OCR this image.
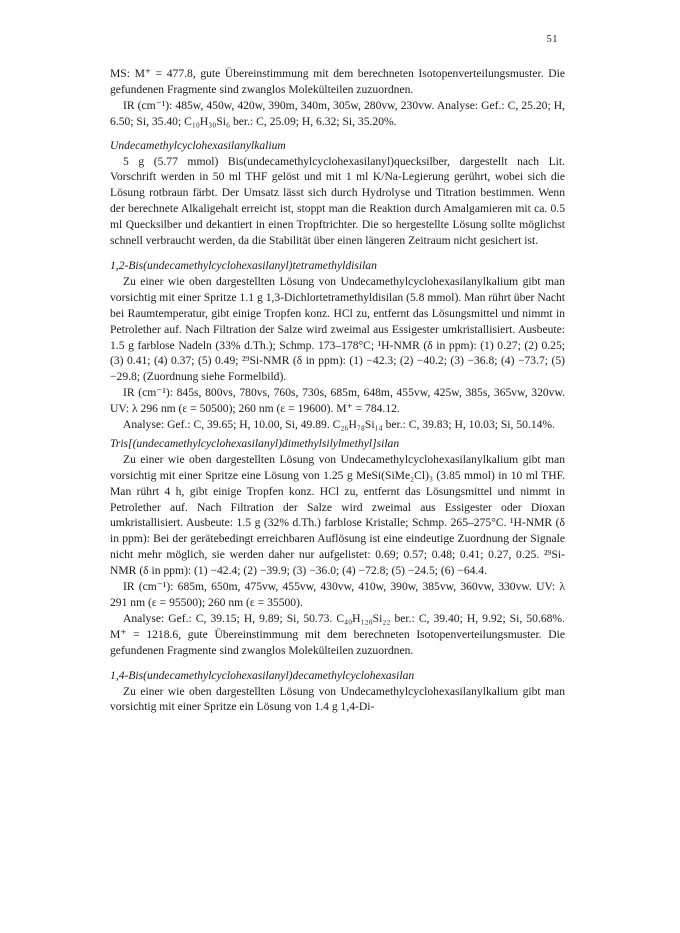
51

MS: M⁺ = 477.8, gute Übereinstimmung mit dem berechneten Isotopenverteilungsmuster. Die gefundenen Fragmente sind zwanglos Molekülteilen zuzuordnen.

IR (cm⁻¹): 485w, 450w, 420w, 390m, 340m, 305w, 280vw, 230vw. Analyse: Gef.: C, 25.20; H, 6.50; Si, 35.40; C₁₀H₃₀Si₆ ber.: C, 25.09; H, 6.32; Si, 35.20%.

Undecamethylcyclohexasilanylkalium

5 g (5.77 mmol) Bis(undecamethylcyclohexasilanyl)quecksilber, dargestellt nach Lit. Vorschrift werden in 50 ml THF gelöst und mit 1 ml K/Na-Legierung gerührt, wobei sich die Lösung rotbraun färbt. Der Umsatz lässt sich durch Hydrolyse und Titration bestimmen. Wenn der berechnete Alkaligehalt erreicht ist, stoppt man die Reaktion durch Amalgamieren mit ca. 0.5 ml Quecksilber und dekantiert in einen Tropftrichter. Die so hergestellte Lösung sollte möglichst schnell verbraucht werden, da die Stabilität über einen längeren Zeitraum nicht gesichert ist.

1,2-Bis(undecamethylcyclohexasilanyl)tetramethyldisilan

Zu einer wie oben dargestellten Lösung von Undecamethylcyclohexasilanylkalium gibt man vorsichtig mit einer Spritze 1.1 g 1,3-Dichlortetramethyldisilan (5.8 mmol). Man rührt über Nacht bei Raumtemperatur, gibt einige Tropfen konz. HCl zu, entfernt das Lösungsmittel und nimmt in Petrolether auf. Nach Filtration der Salze wird zweimal aus Essigester umkristallisiert. Ausbeute: 1.5 g farblose Nadeln (33% d.Th.); Schmp. 173–178°C; ¹H-NMR (δ in ppm): (1) 0.27; (2) 0.25; (3) 0.41; (4) 0.37; (5) 0.49; ²⁹Si-NMR (δ in ppm): (1) −42.3; (2) −40.2; (3) −36.8; (4) −73.7; (5) −29.8; (Zuordnung siehe Formelbild).

IR (cm⁻¹): 845s, 800vs, 780vs, 760s, 730s, 685m, 648m, 455vw, 425w, 385s, 365vw, 320vw. UV: λ 296 nm (ε = 50500); 260 nm (ε = 19600). M⁺ = 784.12.

Analyse: Gef.: C, 39.65; H, 10.00, Si, 49.89. C₂₆H₇₈Si₁₄ ber.: C, 39.83; H, 10.03; Si, 50.14%.

Tris[(undecamethylcyclohexasilanyl)dimethylsilylmethyl]silan

Zu einer wie oben dargestellten Lösung von Undecamethylcyclohexasilanylkalium gibt man vorsichtig mit einer Spritze eine Lösung von 1.25 g MeSi(SiMe₂Cl)₃ (3.85 mmol) in 10 ml THF. Man rührt 4 h, gibt einige Tropfen konz. HCl zu, entfernt das Lösungsmittel und nimmt in Petrolether auf. Nach Filtration der Salze wird zweimal aus Essigester oder Dioxan umkristallisiert. Ausbeute: 1.5 g (32% d.Th.) farblose Kristalle; Schmp. 265–275°C. ¹H-NMR (δ in ppm): Bei der gerätebedingt erreichbaren Auflösung ist eine eindeutige Zuordnung der Signale nicht mehr möglich, sie werden daher nur aufgelistet: 0.69; 0.57; 0.48; 0.41; 0.27, 0.25. ²⁹Si-NMR (δ in ppm): (1) −42.4; (2) −39.9; (3) −36.0; (4) −72.8; (5) −24.5; (6) −64.4.

IR (cm⁻¹): 685m, 650m, 475vw, 455vw, 430vw, 410w, 390w, 385vw, 360vw, 330vw. UV: λ 291 nm (ε = 95500); 260 nm (ε = 35500).

Analyse: Gef.: C, 39.15; H, 9.89; Si, 50.73. C₄₀H₁₂₀Si₂₂ ber.: C, 39.40; H, 9.92; Si, 50.68%. M⁺ = 1218.6, gute Übereinstimmung mit dem berechneten Isotopenverteilungsmuster. Die gefundenen Fragmente sind zwanglos Molekülteilen zuzuordnen.

1,4-Bis(undecamethylcyclohexasilanyl)decamethylcyclohexasilan

Zu einer wie oben dargestellten Lösung von Undecamethylcyclohexasilanylkalium gibt man vorsichtig mit einer Spritze ein Lösung von 1.4 g 1,4-Di-
